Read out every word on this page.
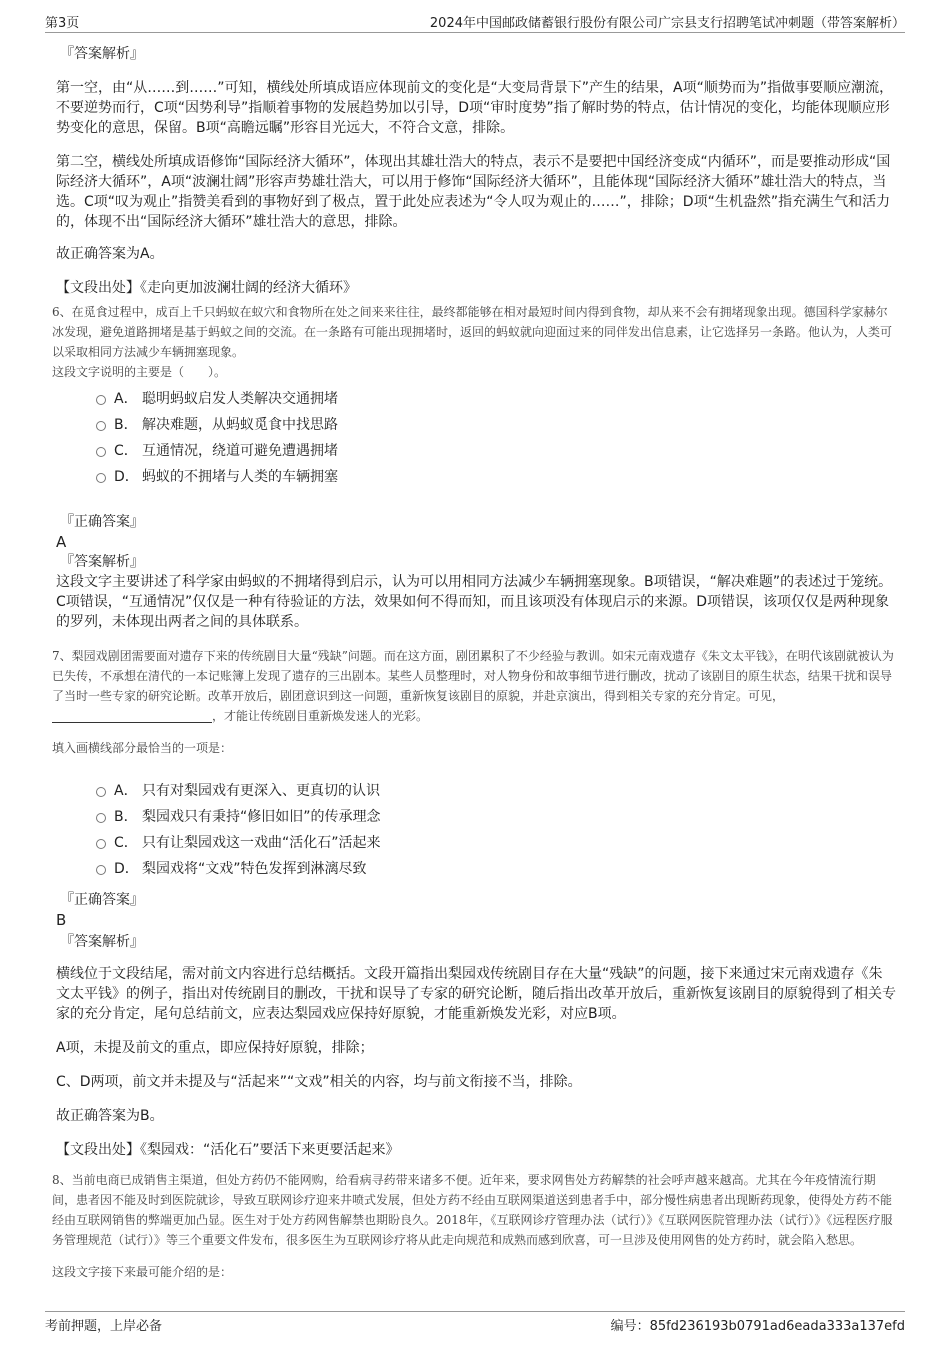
第3页	2024年中国邮政储蓄银行股份有限公司广宗县支行招聘笔试冲刺题（带答案解析）

『答案解析』

第一空，由“从……到……”可知，横线处所填成语应体现前文的变化是“大变局背景下”产生的结果，A项“顺势而为”指做事要顺应潮流，不要逆势而行，C项“因势利导”指顺着事物的发展趋势加以引导，D项“审时度势”指了解时势的特点，估计情况的变化，均能体现顺应形势变化的意思，保留。B项“高瞻远瞩”形容目光远大，不符合文意，排除。

第二空，横线处所填成语修饰“国际经济大循环”，体现出其雄壮浩大的特点，表示不是要把中国经济变成“内循环”，而是要推动形成“国际经济大循环”，A项“波澜壮阔”形容声势雄壮浩大，可以用于修饰“国际经济大循环”，且能体现“国际经济大循环”雄壮浩大的特点，当选。C项“叹为观止”指赞美看到的事物好到了极点，置于此处应表述为“令人叹为观止的……”，排除；D项“生机盎然”指充满生气和活力的，体现不出“国际经济大循环”雄壮浩大的意思，排除。

故正确答案为A。

【文段出处】《走向更加波澜壮阔的经济大循环》

6、在觅食过程中，成百上千只蚂蚁在蚁穴和食物所在处之间来来往往，最终都能够在相对最短时间内得到食物，却从来不会有拥堵现象出现。德国科学家赫尔冰发现，避免道路拥堵是基于蚂蚁之间的交流。在一条路有可能出现拥堵时，返回的蚂蚁就向迎面过来的同伴发出信息素，让它选择另一条路。他认为，人类可以采取相同方法减少车辆拥塞现象。

这段文字说明的主要是（　　）。

A． 聪明蚂蚁启发人类解决交通拥堵
B． 解决难题，从蚂蚁觅食中找思路
C． 互通情况，绕道可避免遭遇拥堵
D． 蚂蚁的不拥堵与人类的车辆拥塞

『正确答案』

A

『答案解析』

这段文字主要讲述了科学家由蚂蚁的不拥堵得到启示，认为可以用相同方法减少车辆拥塞现象。B项错误，“解决难题”的表述过于笼统。C项错误，“互通情况”仅仅是一种有待验证的方法，效果如何不得而知，而且该项没有体现启示的来源。D项错误，该项仅仅是两种现象的罗列，未体现出两者之间的具体联系。

7、梨园戏剧团需要面对遗存下来的传统剧目大量“残缺”问题。而在这方面，剧团累积了不少经验与教训。如宋元南戏遗存《朱文太平钱》，在明代该剧就被认为已失传，不承想在清代的一本记账簿上发现了遗存的三出剧本。某些人员整理时，对人物身份和故事细节进行删改，扰动了该剧目的原生状态，结果干扰和误导了当时一些专家的研究论断。改革开放后，剧团意识到这一问题，重新恢复该剧目的原貌，并赴京演出，得到相关专家的充分肯定。可见，，才能让传统剧目重新焕发迷人的光彩。

填入画横线部分最恰当的一项是：

A． 只有对梨园戏有更深入、更真切的认识
B． 梨园戏只有秉持“修旧如旧”的传承理念
C． 只有让梨园戏这一戏曲“活化石”活起来
D． 梨园戏将“文戏”特色发挥到淋漓尽致

『正确答案』

B

『答案解析』

横线位于文段结尾，需对前文内容进行总结概括。文段开篇指出梨园戏传统剧目存在大量“残缺”的问题，接下来通过宋元南戏遗存《朱文太平钱》的例子，指出对传统剧目的删改，干扰和误导了专家的研究论断，随后指出改革开放后，重新恢复该剧目的原貌得到了相关专家的充分肯定，尾句总结前文，应表达梨园戏应保持好原貌，才能重新焕发光彩，对应B项。

A项，未提及前文的重点，即应保持好原貌，排除；

C、D两项，前文并未提及与“活起来”“文戏”相关的内容，均与前文衔接不当，排除。

故正确答案为B。

【文段出处】《梨园戏：“活化石”要活下来更要活起来》

8、当前电商已成销售主渠道，但处方药仍不能网购，给看病寻药带来诸多不便。近年来，要求网售处方药解禁的社会呼声越来越高。尤其在今年疫情流行期间，患者因不能及时到医院就诊，导致互联网诊疗迎来井喷式发展，但处方药不经由互联网渠道送到患者手中，部分慢性病患者出现断药现象，使得处方药不能经由互联网销售的弊端更加凸显。医生对于处方药网售解禁也期盼良久。2018年，《互联网诊疗管理办法（试行）》《互联网医院管理办法（试行）》《远程医疗服务管理规范（试行）》等三个重要文件发布，很多医生为互联网诊疗将从此走向规范和成熟而感到欣喜，可一旦涉及使用网售的处方药时，就会陷入愁思。

这段文字接下来最可能介绍的是：

考前押题，上岸必备	编号：85fd236193b0791ad6eada333a137efd
